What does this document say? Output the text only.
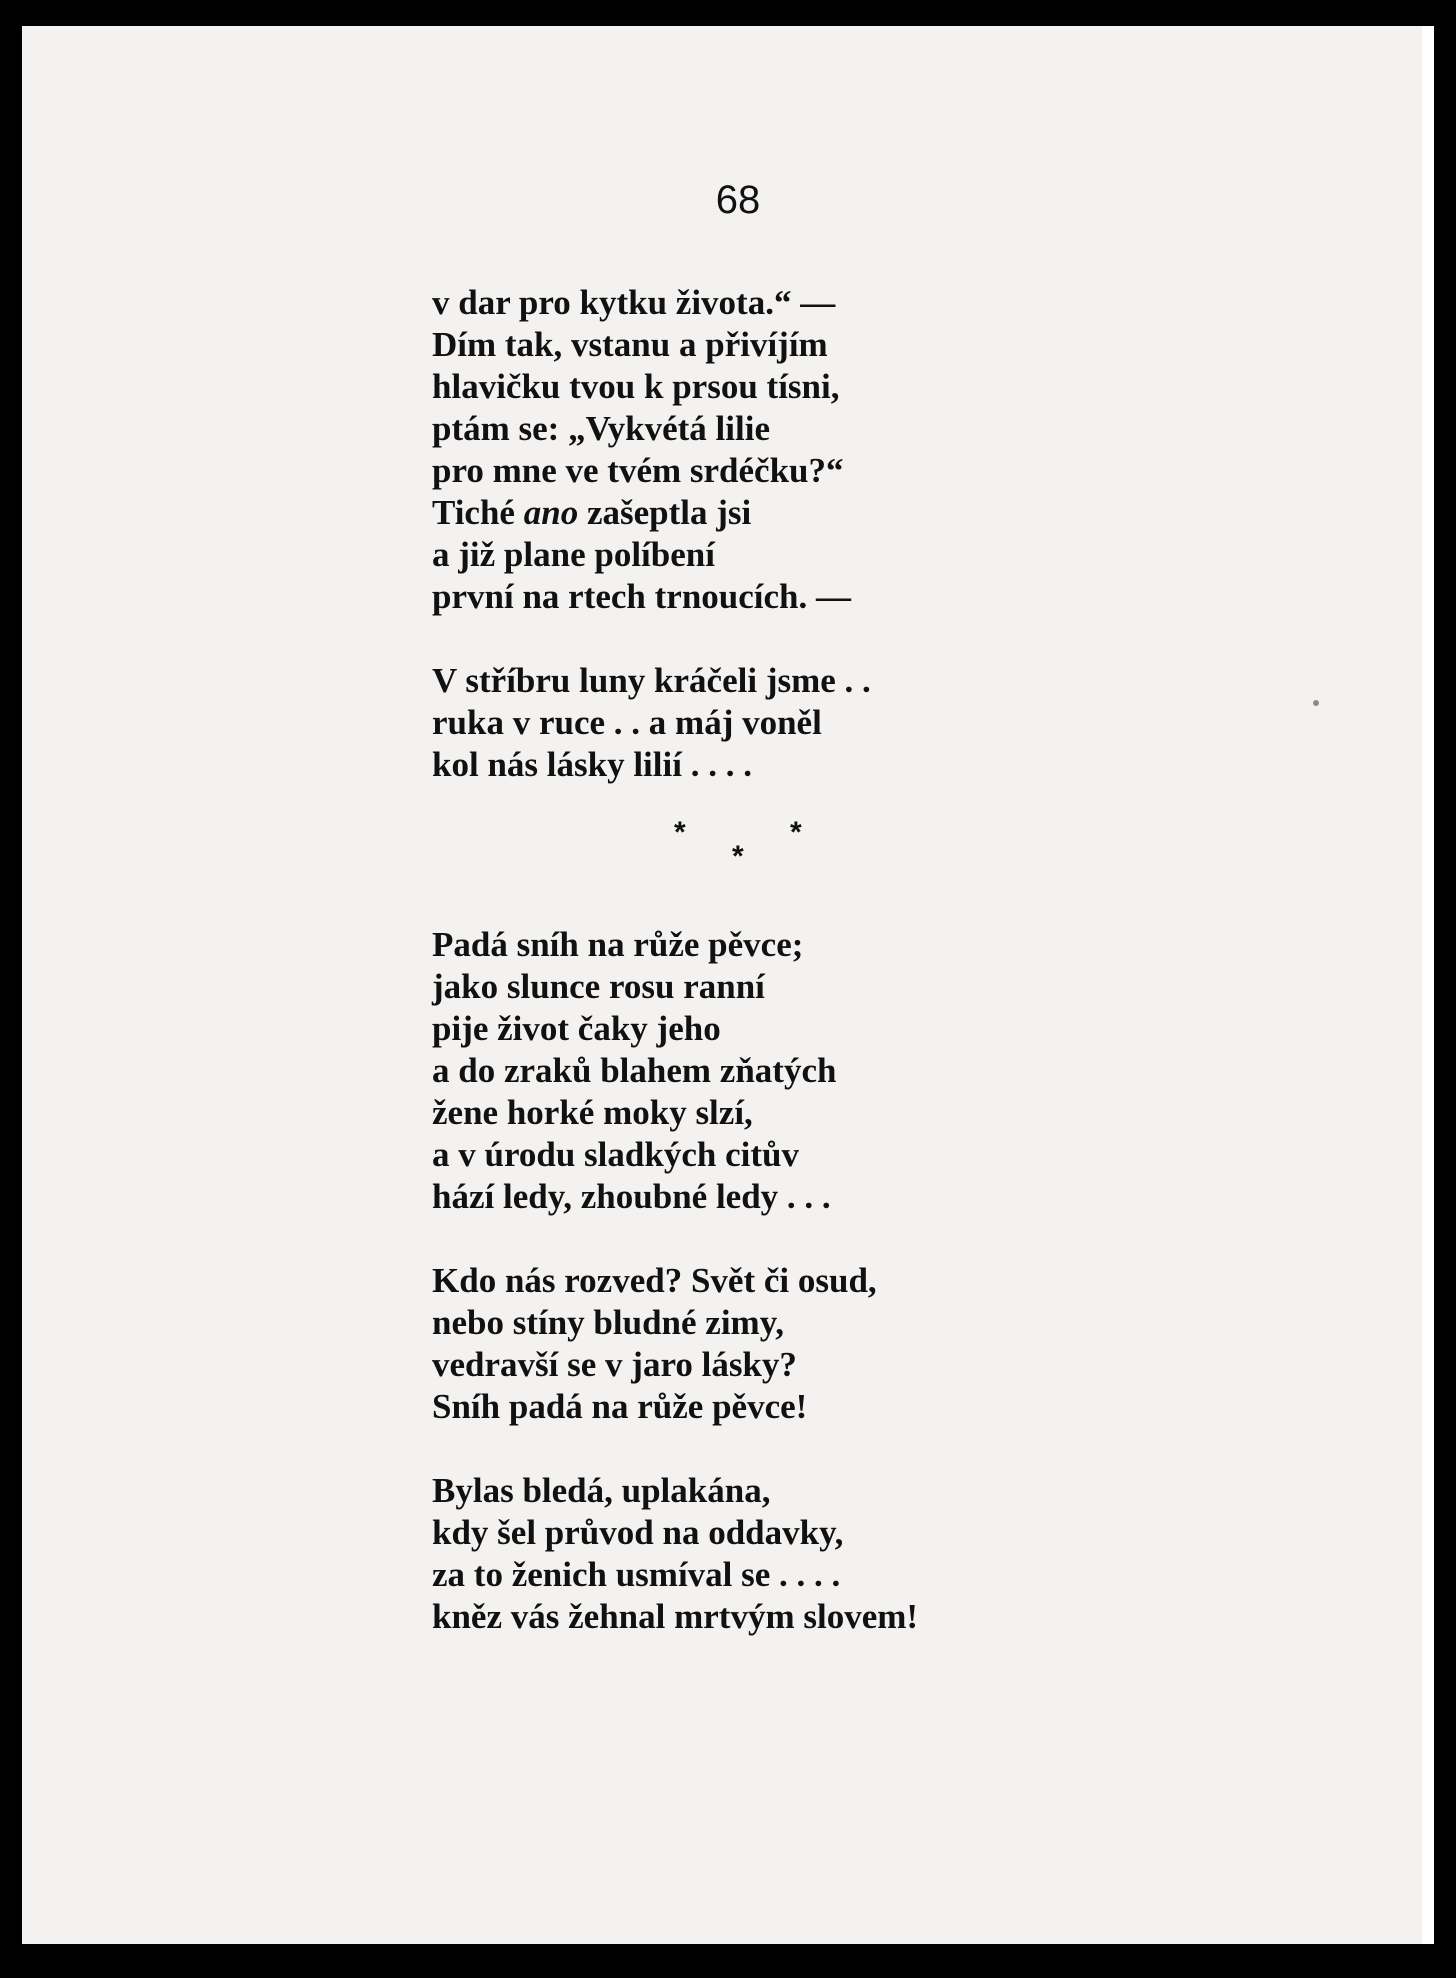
68
v dar pro kytku života.“ —
Dím tak, vstanu a přivíjím
hlavičku tvou k prsou tísni,
ptám se: „Vykvétá lilie
pro mne ve tvém srdéčku?“
Tiché ano zašeptla jsi
a již plane políbení
první na rtech trnoucích. —
V stříbru luny kráčeli jsme . .
ruka v ruce . . a máj voněl
kol nás lásky lilií . . . .
*	*
*
Padá sníh na růže pěvce;
jako slunce rosu ranní
pije život čaky jeho
a do zraků blahem zňatých
žene horké moky slzí,
a v úrodu sladkých citův
hází ledy, zhoubné ledy . . .
Kdo nás rozved? Svět či osud,
nebo stíny bludné zimy,
vedravší se v jaro lásky?
Sníh padá na růže pěvce!
Bylas bledá, uplakána,
kdy šel průvod na oddavky,
za to ženich usmíval se . . . .
kněz vás žehnal mrtvým slovem!
